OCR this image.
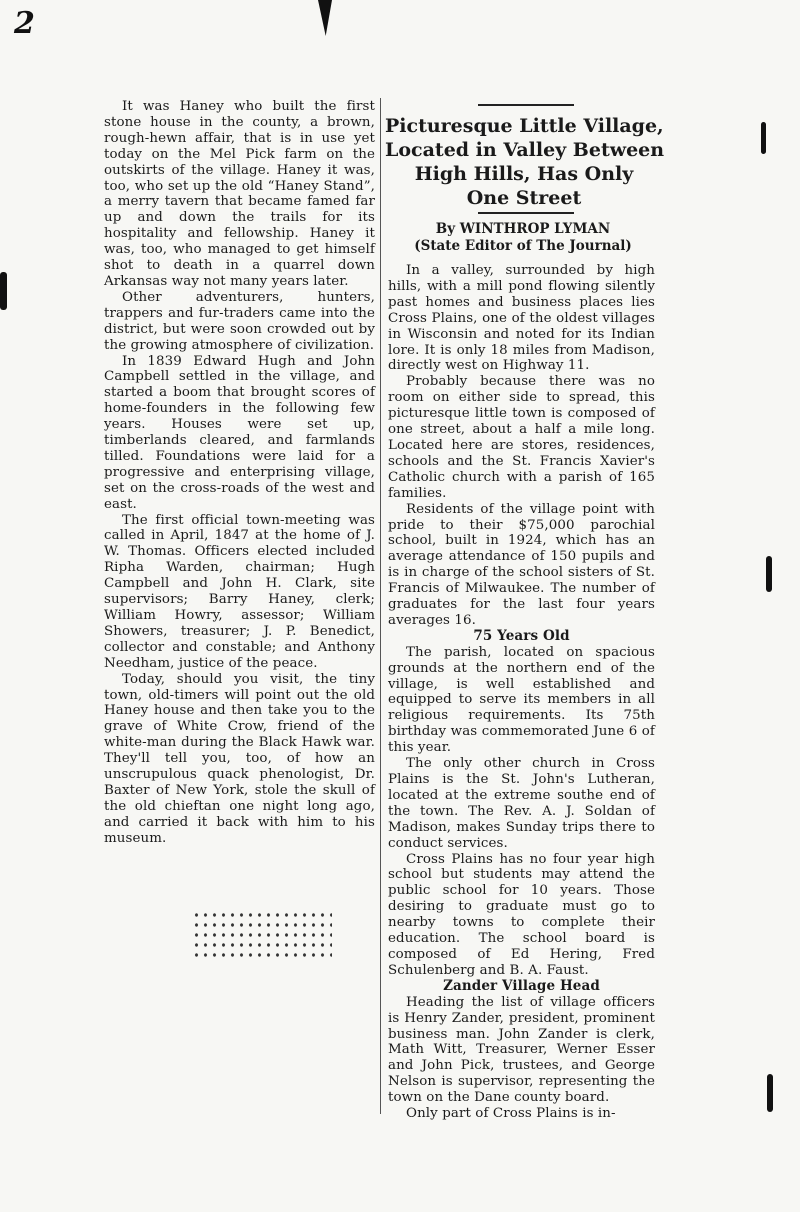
2

It was Haney who built the first stone house in the county, a brown, rough-hewn affair, that is in use yet today on the Mel Pick farm on the outskirts of the village. Haney it was, too, who set up the old “Haney Stand”, a merry tavern that became famed far up and down the trails for its hospitality and fellowship. Haney it was, too, who managed to get himself shot to death in a quarrel down Arkansas way not many years later.

Other adventurers, hunters, trappers and fur-traders came into the district, but were soon crowded out by the growing atmosphere of civilization.

In 1839 Edward Hugh and John Campbell settled in the village, and started a boom that brought scores of home-founders in the following few years. Houses were set up, timberlands cleared, and farmlands tilled. Foundations were laid for a progressive and enterprising village, set on the cross-roads of the west and east.

The first official town-meeting was called in April, 1847 at the home of J. W. Thomas. Officers elected included Ripha Warden, chairman; Hugh Campbell and John H. Clark, site supervisors; Barry Haney, clerk; William Howry, assessor; William Showers, treasurer; J. P. Benedict, collector and constable; and Anthony Needham, justice of the peace.

Today, should you visit, the tiny town, old-timers will point out the old Haney house and then take you to the grave of White Crow, friend of the white-man during the Black Hawk war. They'll tell you, too, of how an unscrupulous quack phenologist, Dr. Baxter of New York, stole the skull of the old chieftan one night long ago, and carried it back with him to his museum.

Picturesque Little Village,
Located in Valley Between
High Hills, Has Only
One Street
By WINTHROP LYMAN
(State Editor of The Journal)

In a valley, surrounded by high hills, with a mill pond flowing silently past homes and business places lies Cross Plains, one of the oldest villages in Wisconsin and noted for its Indian lore. It is only 18 miles from Madison, directly west on Highway 11.

Probably because there was no room on either side to spread, this picturesque little town is composed of one street, about a half a mile long. Located here are stores, residences, schools and the St. Francis Xavier's Catholic church with a parish of 165 families.

Residents of the village point with pride to their $75,000 parochial school, built in 1924, which has an average attendance of 150 pupils and is in charge of the school sisters of St. Francis of Milwaukee. The number of graduates for the last four years averages 16.

75 Years Old

The parish, located on spacious grounds at the northern end of the village, is well established and equipped to serve its members in all religious requirements. Its 75th birthday was commemorated June 6 of this year.

The only other church in Cross Plains is the St. John's Lutheran, located at the extreme southe end of the town. The Rev. A. J. Soldan of Madison, makes Sunday trips there to conduct services.

Cross Plains has no four year high school but students may attend the public school for 10 years. Those desiring to graduate must go to nearby towns to complete their education. The school board is composed of Ed Hering, Fred Schulenberg and B. A. Faust.

Zander Village Head

Heading the list of village officers is Henry Zander, president, prominent business man. John Zander is clerk, Math Witt, Treasurer, Werner Esser and John Pick, trustees, and George Nelson is supervisor, representing the town on the Dane county board.

Only part of Cross Plains is in-
